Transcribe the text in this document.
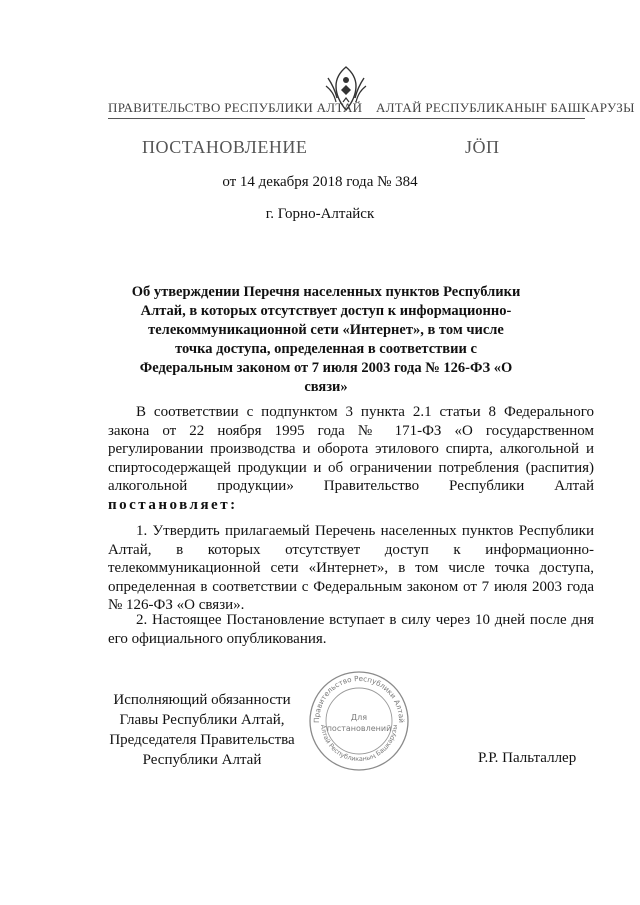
ПРАВИТЕЛЬСТВО РЕСПУБЛИКИ АЛТАЙ АЛТАЙ РЕСПУБЛИКАНЫҤ БАШКАРУЗЫ
ПОСТАНОВЛЕНИЕ	ЈӦП
от 14 декабря 2018 года № 384
г. Горно-Алтайск
Об утверждении Перечня населенных пунктов Республики Алтай, в которых отсутствует доступ к информационно-телекоммуникационной сети «Интернет», в том числе точка доступа, определенная в соответствии с Федеральным законом от 7 июля 2003 года № 126-ФЗ «О связи»
В соответствии с подпунктом 3 пункта 2.1 статьи 8 Федерального закона от 22 ноября 1995 года № 171-ФЗ «О государственном регулировании производства и оборота этилового спирта, алкогольной и спиртосодержащей продукции и об ограничении потребления (распития) алкогольной продукции» Правительство Республики Алтай постановляет:
1. Утвердить прилагаемый Перечень населенных пунктов Республики Алтай, в которых отсутствует доступ к информационно-телекоммуникационной сети «Интернет», в том числе точка доступа, определенная в соответствии с Федеральным законом от 7 июля 2003 года № 126-ФЗ «О связи».
2. Настоящее Постановление вступает в силу через 10 дней после дня его официального опубликования.
Исполняющий обязанности
Главы Республики Алтай,
Председателя Правительства
Республики Алтай	Р.Р. Пальталлер
Правительство Республики Алтай
Алтай Республиканың Башкарузы
Для
постановлений
